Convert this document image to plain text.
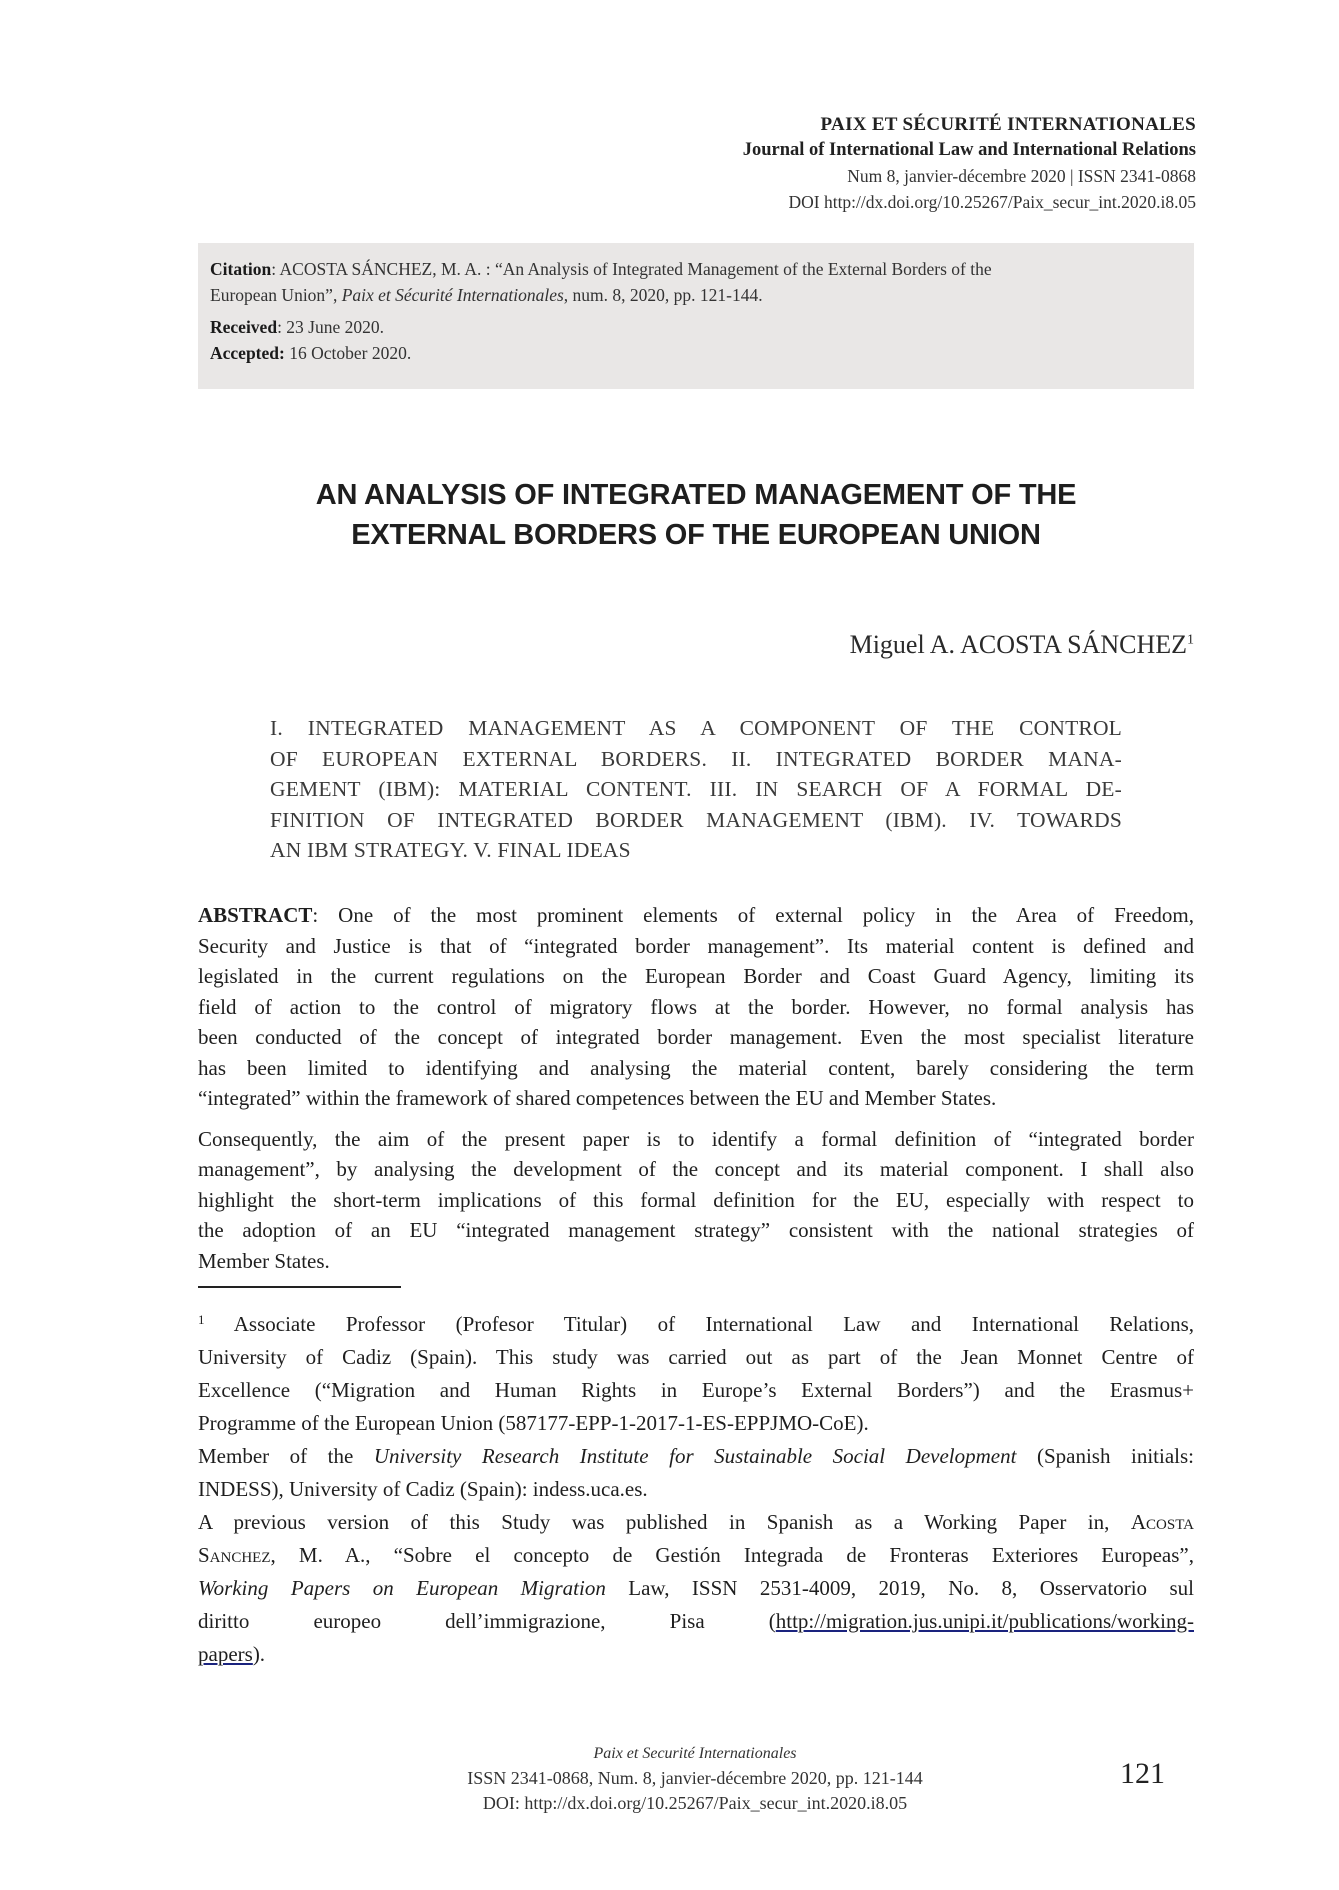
PAIX ET SÉCURITÉ INTERNATIONALES
Journal of International Law and International Relations
Num 8, janvier-décembre 2020 | ISSN 2341-0868
DOI http://dx.doi.org/10.25267/Paix_secur_int.2020.i8.05
Citation: ACOSTA SÁNCHEZ, M. A. : “An Analysis of Integrated Management of the External Borders of the
European Union”, Paix et Sécurité Internationales, num. 8, 2020, pp. 121-144.
Received: 23 June 2020.
Accepted: 16 October 2020.
AN ANALYSIS OF INTEGRATED MANAGEMENT OF THE
EXTERNAL BORDERS OF THE EUROPEAN UNION
Miguel A. ACOSTA SÁNCHEZ$^1$
I. INTEGRATED MANAGEMENT AS A COMPONENT OF THE CONTROL
OF EUROPEAN EXTERNAL BORDERS. II. INTEGRATED BORDER MANA-
GEMENT (IBM): MATERIAL CONTENT. III. IN SEARCH OF A FORMAL DE-
FINITION OF INTEGRATED BORDER MANAGEMENT (IBM). IV. TOWARDS
AN IBM STRATEGY. V. FINAL IDEAS

ABSTRACT: One of the most prominent elements of external policy in the Area of Freedom,
Security and Justice is that of “integrated border management”. Its material content is defined and
legislated in the current regulations on the European Border and Coast Guard Agency, limiting its
field of action to the control of migratory flows at the border. However, no formal analysis has
been conducted of the concept of integrated border management. Even the most specialist literature
has been limited to identifying and analysing the material content, barely considering the term
“integrated” within the framework of shared competences between the EU and Member States.

Consequently, the aim of the present paper is to identify a formal definition of “integrated border
management”, by analysing the development of the concept and its material component. I shall also
highlight the short-term implications of this formal definition for the EU, especially with respect to
the adoption of an EU “integrated management strategy” consistent with the national strategies of
Member States.

$^1$ Associate Professor (Profesor Titular) of International Law and International Relations,
University of Cadiz (Spain). This study was carried out as part of the Jean Monnet Centre of
Excellence (“Migration and Human Rights in Europe’s External Borders”) and the Erasmus+
Programme of the European Union (587177-EPP-1-2017-1-ES-EPPJMO-CoE).
Member of the University Research Institute for Sustainable Social Development (Spanish initials:
INDESS), University of Cadiz (Spain): indess.uca.es.
A previous version of this Study was published in Spanish as a Working Paper in, Acosta
Sanchez, M. A., “Sobre el concepto de Gestión Integrada de Fronteras Exteriores Europeas”,
Working Papers on European Migration Law, ISSN 2531-4009, 2019, No. 8, Osservatorio sul
diritto europeo dell’immigrazione, Pisa (http://migration.jus.unipi.it/publications/working-
papers).
Paix et Securité Internationales
ISSN 2341-0868, Num. 8, janvier-décembre 2020, pp. 121-144
DOI: http://dx.doi.org/10.25267/Paix_secur_int.2020.i8.05
121
